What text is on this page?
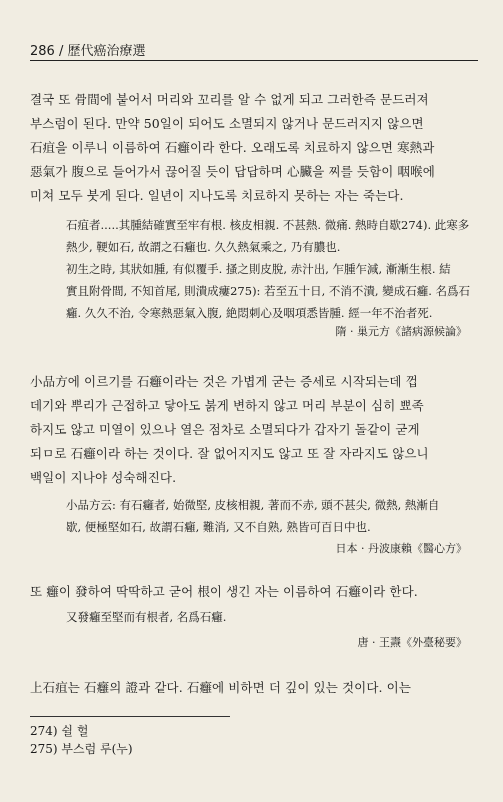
286 / 歷代癌治療選

결국 또 骨間에 붙어서 머리와 꼬리를 알 수 없게 되고 그러한즉 문드러져

부스럼이 된다. 만약 50일이 되어도 소멸되지 않거나 문드러지지 않으면

石疽을 이루니 이름하여 石癰이라 한다. 오래도록 치료하지 않으면 寒熱과

惡氣가 腹으로 들어가서 끊어질 듯이 답답하며 心臟을 찌를 듯함이 咽喉에

미쳐 모두 붓게 된다. 일년이 지나도록 치료하지 못하는 자는 죽는다.

石疽者.....其腫結確實至牢有根. 核皮相親. 不甚熱. 微痛. 熱時自歇274). 此寒多

熱少, 鞕如石, 故謂之石癰也. 久久熱氣乘之, 乃有膿也.

初生之時, 其狀如腫, 有似覆手. 搔之則皮脫, 赤汁出, 乍腫乍減, 漸漸生根. 結

實且附骨間, 不知首尾, 則潰成瘻275): 若至五十日, 不消不潰, 變成石癰. 名爲石

癰. 久久不治, 令寒熱惡氣入腹, 絶悶刺心及咽項悉皆腫. 經一年不治者死.

隋 · 巢元方《諸病源候論》

小品方에 이르기를 石癰이라는 것은 가볍게 굳는 증세로 시작되는데 껍

데기와 뿌리가 근접하고 닿아도 붉게 변하지 않고 머리 부분이 심히 뾰족

하지도 않고 미열이 있으나 열은 점차로 소멸되다가 갑자기 돌같이 굳게

되ㅁ로 石癰이라 하는 것이다. 잘 없어지지도 않고 또 잘 자라지도 않으니

백일이 지나야 성숙해진다.

小品方云: 有石癰者, 始微堅, 皮核相親, 著而不赤, 頭不甚尖, 微熱, 熱漸自

歇, 便極堅如石, 故謂石癰, 難消, 又不自熟, 熟皆可百日中也.

日本 · 丹波康賴《醫心方》

또 癰이 發하여 딱딱하고 굳어 根이 생긴 자는 이름하여 石癰이라 한다.

又發癰至堅而有根者, 名爲石癰.

唐 · 王燾《外臺秘要》

上石疽는 石癰의 證과 같다. 石癰에 비하면 더 깊이 있는 것이다. 이는

274) 쉴 헐
275) 부스럼 루(누)
